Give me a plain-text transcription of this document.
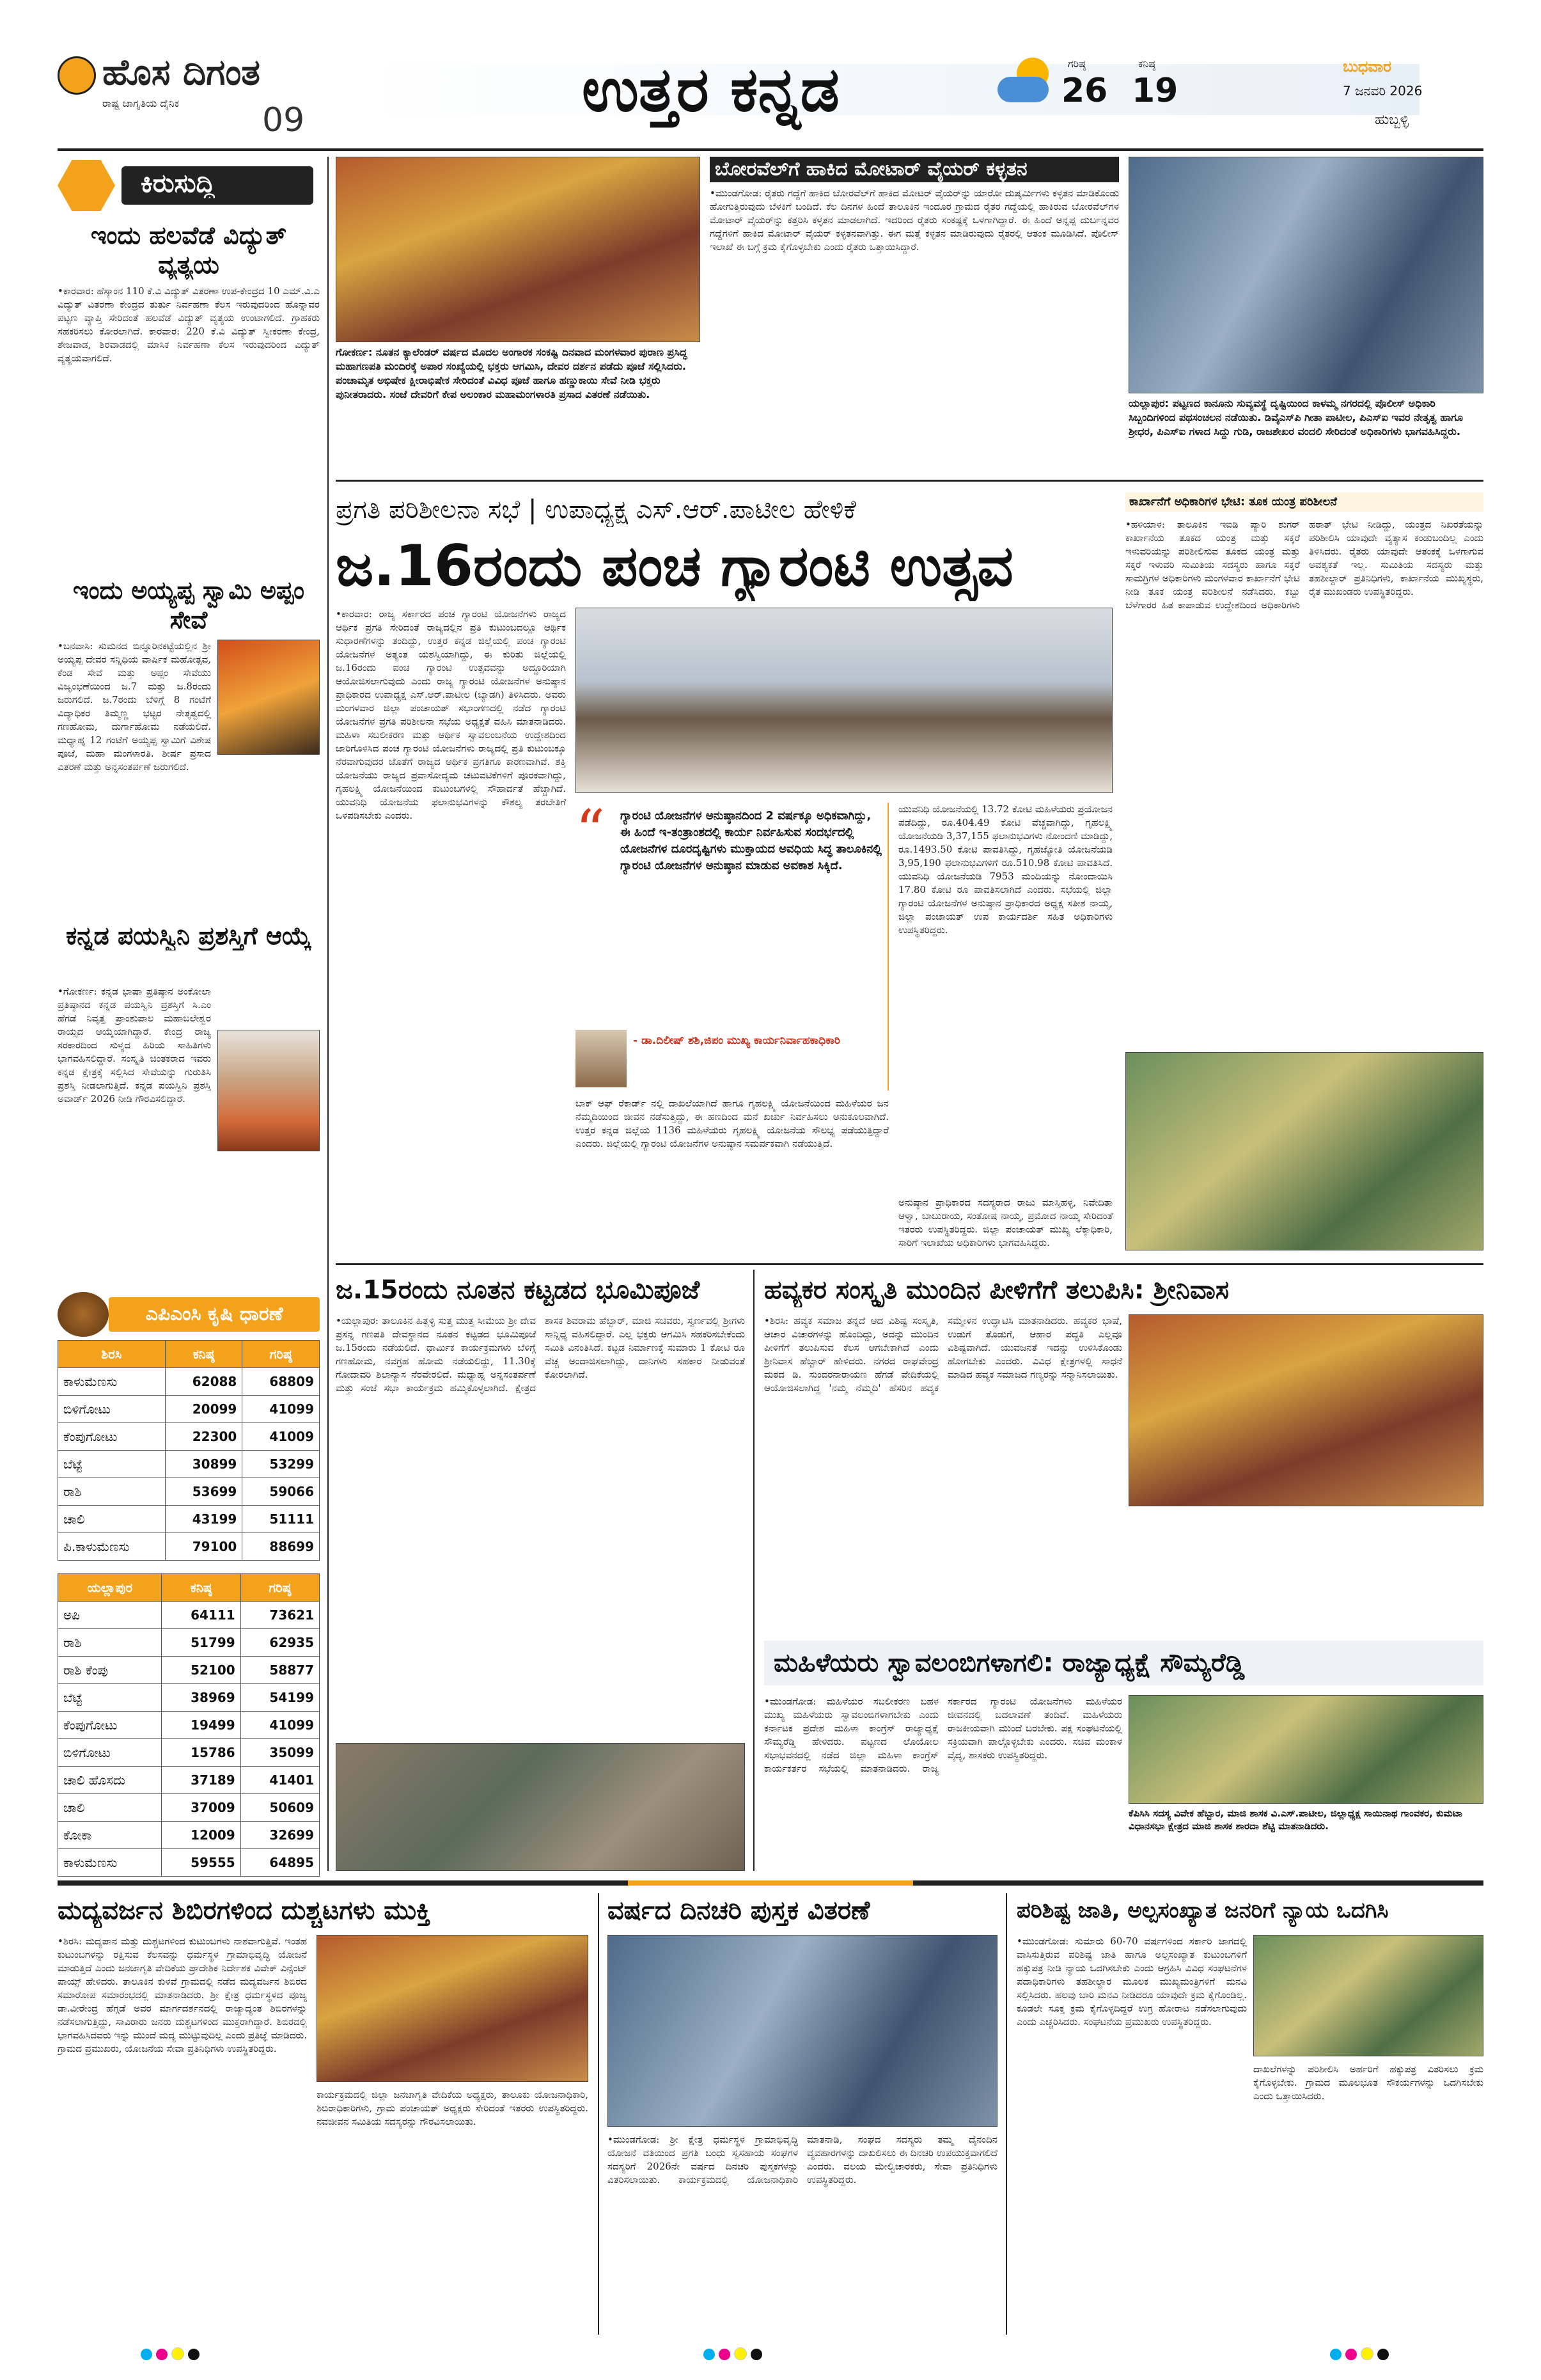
ಹೊಸ ದಿಗಂತ
ರಾಷ್ಟ್ರ ಜಾಗೃತಿಯ ದೈನಿಕ 09	ಉತ್ತರ ಕನ್ನಡ	ಗರಿಷ್ಠ
26
ಕನಿಷ್ಠ
19
ಬುಧವಾರ
7 ಜನವರಿ 2026
ಹುಬ್ಬಳ್ಳಿ
ಕಿರುಸುದ್ದಿ
ಇಂದು ಹಲವೆಡೆ ವಿದ್ಯುತ್ ವ್ಯತ್ಯಯ
•ಕಾರವಾರ: ಹೆಸ್ಕಾಂನ 110 ಕೆ.ವಿ ವಿದ್ಯುತ್ ವಿತರಣಾ ಉಪ-ಕೇಂದ್ರದ 10 ಎಮ್.ವಿ.ಎ ವಿದ್ಯುತ್ ವಿತರಣಾ ಕೇಂದ್ರದ ತುರ್ತು ನಿರ್ವಹಣಾ ಕೆಲಸ ಇರುವುದರಿಂದ ಹೊನ್ನಾವರ ಪಟ್ಟಣ ವ್ಯಾಪ್ತಿ ಸೇರಿದಂತೆ ಹಲವೆಡೆ ವಿದ್ಯುತ್ ವ್ಯತ್ಯಯ ಉಂಟಾಗಲಿದೆ. ಗ್ರಾಹಕರು ಸಹಕರಿಸಲು ಕೋರಲಾಗಿದೆ. ಕಾರವಾರ: 220 ಕೆ.ವಿ ವಿದ್ಯುತ್ ಸ್ವೀಕರಣಾ ಕೇಂದ್ರ, ಶೇಜವಾಡ, ಶಿರವಾಡದಲ್ಲಿ ಮಾಸಿಕ ನಿರ್ವಹಣಾ ಕೆಲಸ ಇರುವುದರಿಂದ ವಿದ್ಯುತ್ ವ್ಯತ್ಯಯವಾಗಲಿದೆ.
ಇಂದು ಅಯ್ಯಪ್ಪ ಸ್ವಾಮಿ ಅಪ್ಪಂ ಸೇವೆ
•ಬನವಾಸಿ: ಸುಮನದ ಬಿನ್ನೂರಿನಕಟ್ಟೆಯಲ್ಲಿನ ಶ್ರೀ ಅಯ್ಯಪ್ಪ ದೇವರ ಸನ್ನಿಧಿಯ ವಾರ್ಷಿಕ ಮಹೋತ್ಸವ, ಕೆಂಡ ಸೇವೆ ಮತ್ತು ಅಪ್ಪಂ ಸೇವೆಯು ವಿಜೃಂಭಣೆಯಿಂದ ಜ.7 ಮತ್ತು ಜ.8ರಂದು ಜರುಗಲಿದೆ. ಜ.7ರಂದು ಬೆಳಿಗ್ಗೆ 8 ಗಂಟೆಗೆ ವಿದ್ಯಾಧಿಕರ ತಿಮ್ಮಣ್ಣ ಭಟ್ಟರ ನೇತೃತ್ವದಲ್ಲಿ ಗಣಹೋಮ, ದುರ್ಗಾಹೋಮ ನಡೆಯಲಿದೆ. ಮಧ್ಯಾಹ್ನ 12 ಗಂಟೆಗೆ ಅಯ್ಯಪ್ಪ ಸ್ವಾಮಿಗೆ ವಿಶೇಷ ಪೂಜೆ, ಮಹಾ ಮಂಗಳಾರತಿ. ಶೀರ್ಷ ಪ್ರಸಾದ ವಿತರಣೆ ಮತ್ತು ಅನ್ನಸಂತರ್ಪಣೆ ಜರುಗಲಿದೆ.
ಕನ್ನಡ ಪಯಸ್ವಿನಿ ಪ್ರಶಸ್ತಿಗೆ ಆಯ್ಕೆ
•ಗೋಕರ್ಣ: ಕನ್ನಡ ಭಾಷಾ ಪ್ರತಿಷ್ಠಾನ ಅಂಕೋಲಾ ಪ್ರತಿಷ್ಠಾನದ ಕನ್ನಡ ಪಯಸ್ವಿನಿ ಪ್ರಶಸ್ತಿಗೆ ಸಿ.ಎಂ ಹೆಗಡೆ ನಿವೃತ್ತ ಪ್ರಾಂಶುಪಾಲ ಮಹಾಬಲೇಶ್ವರ ರಾಯ್ಸದ ಆಯ್ಕೆಯಾಗಿದ್ದಾರೆ. ಕೇಂದ್ರ ರಾಜ್ಯ ಸರಕಾರದಿಂದ ಸುಳ್ಯದ ಹಿರಿಯ ಸಾಹಿತಿಗಳು ಭಾಗವಹಿಸಲಿದ್ದಾರೆ. ಸಂಸ್ಕೃತಿ ಚಿಂತಕರಾದ ಇವರು ಕನ್ನಡ ಕ್ಷೇತ್ರಕ್ಕೆ ಸಲ್ಲಿಸಿದ ಸೇವೆಯನ್ನು ಗುರುತಿಸಿ ಪ್ರಶಸ್ತಿ ನೀಡಲಾಗುತ್ತಿದೆ. ಕನ್ನಡ ಪಯಸ್ವಿನಿ ಪ್ರಶಸ್ತಿ ಅವಾರ್ಡ್ 2026 ನೀಡಿ ಗೌರವಿಸಲಿದ್ದಾರೆ.
ಎಪಿಎಂಸಿ ಕೃಷಿ ಧಾರಣೆ
ಶಿರಸಿ	ಕನಿಷ್ಠ	ಗರಿಷ್ಠ
ಕಾಳುಮೆಣಸು	62088	68809
ಬಿಳಿಗೋಟು	20099	41099
ಕೆಂಪುಗೋಟು	22300	41009
ಬೆಟ್ಟೆ	30899	53299
ರಾಶಿ	53699	59066
ಚಾಲಿ	43199	51111
ಪಿ.ಕಾಳುಮೆಣಸು	79100	88699
ಯಲ್ಲಾಪುರ	ಕನಿಷ್ಠ	ಗರಿಷ್ಠ
ಅಪಿ	64111	73621
ರಾಶಿ	51799	62935
ರಾಶಿ ಕೆಂಪು	52100	58877
ಬೆಟ್ಟೆ	38969	54199
ಕೆಂಪುಗೋಟು	19499	41099
ಬಿಳಿಗೋಟು	15786	35099
ಚಾಲಿ ಹೊಸದು	37189	41401
ಚಾಲಿ	37009	50609
ಕೋಕಾ	12009	32699
ಕಾಳುಮೆಣಸು	59555	64895
ಗೋಕರ್ಣ: ನೂತನ ಕ್ಯಾಲೆಂಡರ್ ವರ್ಷದ ಮೊದಲ ಅಂಗಾರಕ ಸಂಕಷ್ಟಿ ದಿನವಾದ ಮಂಗಳವಾರ ಪುರಾಣ ಪ್ರಸಿದ್ಧ ಮಹಾಗಣಪತಿ ಮಂದಿರಕ್ಕೆ ಅಪಾರ ಸಂಖ್ಯೆಯಲ್ಲಿ ಭಕ್ತರು ಆಗಮಿಸಿ, ದೇವರ ದರ್ಶನ ಪಡೆದು ಪೂಜೆ ಸಲ್ಲಿಸಿದರು. ಪಂಚಾಮೃತ ಅಭಿಷೇಕ ಕ್ಷೀರಾಭಿಷೇಕ ಸೇರಿದಂತೆ ವಿವಿಧ ಪೂಜೆ ಹಾಗೂ ಹಣ್ಣುಕಾಯಿ ಸೇವೆ ನೀಡಿ ಭಕ್ತರು ಪುನೀತರಾದರು. ಸಂಜೆ ದೇವರಿಗೆ ಕೇಪ ಅಲಂಕಾರ ಮಹಾಮಂಗಳಾರತಿ ಪ್ರಸಾದ ವಿತರಣೆ ನಡೆಯಿತು.
ಬೋರವೆಲ್‌ಗೆ ಹಾಕಿದ ಮೋಟಾರ್ ವೈಯರ್ ಕಳ್ಳತನ
•ಮುಂಡಗೋಡ: ರೈತರು ಗದ್ದೆಗೆ ಹಾಕಿದ ಬೋರವೆಲ್‌ಗೆ ಹಾಕಿದ ಮೋಟರ್ ವೈಯರ್‌ನ್ನು ಯಾರೋ ದುಷ್ಕರ್ಮಿಗಳು ಕಳ್ಳತನ ಮಾಡಿಕೊಂಡು ಹೋಗುತ್ತಿರುವುದು ಬೆಳಕಿಗೆ ಬಂದಿದೆ. ಕೆಲ ದಿನಗಳ ಹಿಂದೆ ತಾಲೂಕಿನ ಇಂದೂರ ಗ್ರಾಮದ ರೈತರ ಗದ್ದೆಯಲ್ಲಿ ಹಾಕಿರುವ ಬೋರವೆಲ್‌ಗಳ ಮೋಟಾರ್ ವೈಯರ್‌ನ್ನು ಕತ್ತರಿಸಿ ಕಳ್ಳತನ ಮಾಡಲಾಗಿದೆ. ಇದರಿಂದ ರೈತರು ಸಂಕಷ್ಟಕ್ಕೆ ಒಳಗಾಗಿದ್ದಾರೆ. ಈ ಹಿಂದೆ ಅನ್ನಪ್ಪ ದುರ್ಬನ್ನವರ ಗದ್ದೆಗಳಿಗೆ ಹಾಕಿದ ಮೋಟಾರ್ ವೈಯರ್ ಕಳ್ಳತನವಾಗಿತ್ತು. ಈಗ ಮತ್ತೆ ಕಳ್ಳತನ ಮಾಡಿರುವುದು ರೈತರಲ್ಲಿ ಆತಂಕ ಮೂಡಿಸಿದೆ. ಪೊಲೀಸ್ ಇಲಾಖೆ ಈ ಬಗ್ಗೆ ಕ್ರಮ ಕೈಗೊಳ್ಳಬೇಕು ಎಂದು ರೈತರು ಒತ್ತಾಯಿಸಿದ್ದಾರೆ.
ಯಲ್ಲಾಪುರ: ಪಟ್ಟಣದ ಕಾನೂನು ಸುವ್ಯವಸ್ಥೆ ದೃಷ್ಟಿಯಿಂದ ಕಾಳಮ್ಮ ನಗರದಲ್ಲಿ ಪೊಲೀಸ್ ಅಧಿಕಾರಿ ಸಿಬ್ಬಂದಿಗಳಿಂದ ಪಥಸಂಚಲನ ನಡೆಯಿತು. ಡಿವೈಎಸ್‌ಪಿ ಗೀತಾ ಪಾಟೀಲ, ಪಿಎಸ್‌ಐ ಇವರ ನೇತೃತ್ವ ಹಾಗೂ ಶ್ರೀಧರ, ಪಿಎಸ್‌ಐ ಗಳಾದ ಸಿದ್ದು ಗುಡಿ, ರಾಜಶೇಖರ ವಂದಲಿ ಸೇರಿದಂತೆ ಅಧಿಕಾರಿಗಳು ಭಾಗವಹಿಸಿದ್ದರು.
ಪ್ರಗತಿ ಪರಿಶೀಲನಾ ಸಭೆ | ಉಪಾಧ್ಯಕ್ಷ ಎಸ್.ಆರ್.ಪಾಟೀಲ ಹೇಳಿಕೆ
ಜ.16ರಂದು ಪಂಚ ಗ್ಯಾರಂಟಿ ಉತ್ಸವ
•ಕಾರವಾರ: ರಾಜ್ಯ ಸರ್ಕಾರದ ಪಂಚ ಗ್ಯಾರಂಟಿ ಯೋಜನೆಗಳು ರಾಜ್ಯದ ಆರ್ಥಿಕ ಪ್ರಗತಿ ಸೇರಿದಂತೆ ರಾಜ್ಯದಲ್ಲಿನ ಪ್ರತಿ ಕುಟುಂಬದಲ್ಲೂ ಆರ್ಥಿಕ ಸುಧಾರಣೆಗಳನ್ನು ತಂದಿದ್ದು, ಉತ್ತರ ಕನ್ನಡ ಜಿಲ್ಲೆಯಲ್ಲಿ ಪಂಚ ಗ್ಯಾರಂಟಿ ಯೋಜನೆಗಳ ಅತ್ಯಂತ ಯಶಸ್ವಿಯಾಗಿದ್ದು, ಈ ಕುರಿತು ಜಿಲ್ಲೆಯಲ್ಲಿ ಜ.16ರಂದು ಪಂಚ ಗ್ಯಾರಂಟಿ ಉತ್ಸವವನ್ನು ಅದ್ಧೂರಿಯಾಗಿ ಆಯೋಜಿಸಲಾಗುವುದು ಎಂದು ರಾಜ್ಯ ಗ್ಯಾರಂಟಿ ಯೋಜನೆಗಳ ಅನುಷ್ಠಾನ ಪ್ರಾಧಿಕಾರದ ಉಪಾಧ್ಯಕ್ಷ ಎಸ್.ಆರ್.ಪಾಟೀಲ (ಬ್ಯಾಡಗಿ) ತಿಳಿಸಿದರು. ಅವರು ಮಂಗಳವಾರ ಜಿಲ್ಲಾ ಪಂಚಾಯತ್ ಸಭಾಂಗಣದಲ್ಲಿ ನಡೆದ ಗ್ಯಾರಂಟಿ ಯೋಜನೆಗಳ ಪ್ರಗತಿ ಪರಿಶೀಲನಾ ಸಭೆಯ ಅಧ್ಯಕ್ಷತೆ ವಹಿಸಿ ಮಾತನಾಡಿದರು. ಮಹಿಳಾ ಸಬಲೀಕರಣ ಮತ್ತು ಆರ್ಥಿಕ ಸ್ವಾವಲಂಬನೆಯ ಉದ್ದೇಶದಿಂದ ಜಾರಿಗೊಳಿಸಿದ ಪಂಚ ಗ್ಯಾರಂಟಿ ಯೋಜನೆಗಳು ರಾಜ್ಯದಲ್ಲಿ ಪ್ರತಿ ಕುಟುಂಬಕ್ಕೂ ನೆರವಾಗುವುದರ ಜೊತೆಗೆ ರಾಜ್ಯದ ಆರ್ಥಿಕ ಪ್ರಗತಿಗೂ ಕಾರಣವಾಗಿವೆ. ಶಕ್ತಿ ಯೋಜನೆಯು ರಾಜ್ಯದ ಪ್ರವಾಸೋದ್ಯಮ ಚಟುವಟಿಕೆಗಳಿಗೆ ಪೂರಕವಾಗಿದ್ದು, ಗೃಹಲಕ್ಷ್ಮಿ ಯೋಜನೆಯಿಂದ ಕುಟುಂಬಗಳಲ್ಲಿ ಸೌಹಾರ್ದತೆ ಹೆಚ್ಚಾಗಿದೆ. ಯುವನಿಧಿ ಯೋಜನೆಯ ಫಲಾನುಭವಿಗಳನ್ನು ಕೌಶಲ್ಯ ತರಬೇತಿಗೆ ಒಳಪಡಿಸಬೇಕು ಎಂದರು.	“	ಗ್ಯಾರಂಟಿ ಯೋಜನೆಗಳ ಅನುಷ್ಠಾನದಿಂದ 2 ವರ್ಷಕ್ಕೂ ಅಧಿಕವಾಗಿದ್ದು, ಈ ಹಿಂದೆ ಇ-ತಂತ್ರಾಂಶದಲ್ಲಿ ಕಾರ್ಯ ನಿರ್ವಹಿಸುವ ಸಂದರ್ಭದಲ್ಲಿ ಯೋಜನೆಗಳ ದೂರದೃಷ್ಟಿಗಳು ಮುಕ್ತಾಯದ ಅವಧಿಯ ಸಿದ್ಧ ತಾಲೂಕಿನಲ್ಲಿ ಗ್ಯಾರಂಟಿ ಯೋಜನೆಗಳ ಅನುಷ್ಠಾನ ಮಾಡುವ ಅವಕಾಶ ಸಿಕ್ಕಿದೆ.
- ಡಾ.ದಿಲೀಷ್ ಶಶಿ,ಜಿಪಂ ಮುಖ್ಯ ಕಾರ್ಯನಿರ್ವಾಹಕಾಧಿಕಾರಿ
ಯುವನಿಧಿ ಯೋಜನೆಯಲ್ಲಿ 13.72 ಕೋಟಿ ಮಹಿಳೆಯರು ಪ್ರಯೋಜನ ಪಡೆದಿದ್ದು, ರೂ.404.49 ಕೋಟಿ ವೆಚ್ಚವಾಗಿದ್ದು, ಗೃಹಲಕ್ಷ್ಮಿ ಯೋಜನೆಯಡಿ 3,37,155 ಫಲಾನುಭವಿಗಳು ನೋಂದಣಿ ಮಾಡಿದ್ದು, ರೂ.1493.50 ಕೋಟಿ ಪಾವತಿಸಿದ್ದು, ಗೃಹಜ್ಯೋತಿ ಯೋಜನೆಯಡಿ 3,95,190 ಫಲಾನುಭವಿಗಳಿಗೆ ರೂ.510.98 ಕೋಟಿ ಪಾವತಿಸಿದೆ. ಯುವನಿಧಿ ಯೋಜನೆಯಡಿ 7953 ಮಂದಿಯನ್ನು ನೋಂದಾಯಿಸಿ 17.80 ಕೋಟಿ ರೂ ಪಾವತಿಸಲಾಗಿದೆ ಎಂದರು. ಸಭೆಯಲ್ಲಿ ಜಿಲ್ಲಾ ಗ್ಯಾರಂಟಿ ಯೋಜನೆಗಳ ಅನುಷ್ಠಾನ ಪ್ರಾಧಿಕಾರದ ಅಧ್ಯಕ್ಷ ಸತೀಶ ನಾಯ್ಕ, ಜಿಲ್ಲಾ ಪಂಚಾಯತ್ ಉಪ ಕಾರ್ಯದರ್ಶಿ ಸಹಿತ ಅಧಿಕಾರಿಗಳು ಉಪಸ್ಥಿತರಿದ್ದರು.
ಬಾಕ್ ಆಫ್ ರೆಕಾರ್ಡ್ ನಲ್ಲಿ ದಾಖಲೆಯಾಗಿದೆ ಹಾಗೂ ಗೃಹಲಕ್ಷ್ಮಿ ಯೋಜನೆಯಿಂದ ಮಹಿಳೆಯರ ಜನ ನೆಮ್ಮದಿಯಿಂದ ಜೀವನ ನಡೆಸುತ್ತಿದ್ದು, ಈ ಹಣದಿಂದ ಮನೆ ಖರ್ಚು ನಿರ್ವಹಿಸಲು ಅನುಕೂಲವಾಗಿದೆ. ಉತ್ತರ ಕನ್ನಡ ಜಿಲ್ಲೆಯ 1136 ಮಹಿಳೆಯರು ಗೃಹಲಕ್ಷ್ಮಿ ಯೋಜನೆಯ ಸೌಲಭ್ಯ ಪಡೆಯುತ್ತಿದ್ದಾರೆ ಎಂದರು. ಜಿಲ್ಲೆಯಲ್ಲಿ ಗ್ಯಾರಂಟಿ ಯೋಜನೆಗಳ ಅನುಷ್ಠಾನ ಸಮರ್ಪಕವಾಗಿ ನಡೆಯುತ್ತಿದೆ.
ಅನುಷ್ಠಾನ ಪ್ರಾಧಿಕಾರದ ಸದಸ್ಯರಾದ ರಾಜು ಮಾಸ್ತಿಹಳ್ಳ, ನಿವೇದಿತಾ ಆಳ್ವಾ, ಬಾಬುರಾಯ, ಸಂತೋಷ ನಾಯ್ಕ, ಪ್ರಮೋದ ನಾಯ್ಕ ಸೇರಿದಂತೆ ಇತರರು ಉಪಸ್ಥಿತರಿದ್ದರು. ಜಿಲ್ಲಾ ಪಂಚಾಯತ್ ಮುಖ್ಯ ಲೆಕ್ಕಾಧಿಕಾರಿ, ಸಾರಿಗೆ ಇಲಾಖೆಯ ಅಧಿಕಾರಿಗಳು ಭಾಗವಹಿಸಿದ್ದರು.
ಕಾರ್ಖಾನೆಗೆ ಅಧಿಕಾರಿಗಳ ಭೇಟಿ: ತೂಕ ಯಂತ್ರ ಪರಿಶೀಲನೆ
•ಹಳಿಯಾಳ: ತಾಲೂಕಿನ ಇಐಡಿ ಪ್ಯಾರಿ ಶುಗರ್ ಕಾರ್ಖಾನೆಯ ತೂಕದ ಯಂತ್ರ ಮತ್ತು ಸಕ್ಕರೆ ಇಳುವರಿಯನ್ನು ಪರಿಶೀಲಿಸುವ ತೂಕದ ಯಂತ್ರ ಮತ್ತು ಸಕ್ಕರೆ ಇಳುವರಿ ಸುಮಿತಿಯ ಸದಸ್ಯರು ಹಾಗೂ ಸಕ್ಕರೆ ಸಾಮಗ್ರಿಗಳ ಅಧಿಕಾರಿಗಳು ಮಂಗಳವಾರ ಕಾರ್ಖಾನೆಗೆ ಭೇಟಿ ನೀಡಿ ತೂಕ ಯಂತ್ರ ಪರಿಶೀಲನೆ ನಡೆಸಿದರು. ಕಬ್ಬು ಬೆಳೆಗಾರರ ಹಿತ ಕಾಪಾಡುವ ಉದ್ದೇಶದಿಂದ ಅಧಿಕಾರಿಗಳು ಹಠಾತ್ ಭೇಟಿ ನೀಡಿದ್ದು, ಯಂತ್ರದ ನಿಖರತೆಯನ್ನು ಪರಿಶೀಲಿಸಿ ಯಾವುದೇ ವ್ಯತ್ಯಾಸ ಕಂಡುಬಂದಿಲ್ಲ ಎಂದು ತಿಳಿಸಿದರು. ರೈತರು ಯಾವುದೇ ಆತಂಕಕ್ಕೆ ಒಳಗಾಗುವ ಅವಶ್ಯಕತೆ ಇಲ್ಲ. ಸುಮಿತಿಯ ಸದಸ್ಯರು ಮತ್ತು ತಹಶೀಲ್ದಾರ್ ಪ್ರತಿನಿಧಿಗಳು, ಕಾರ್ಖಾನೆಯ ಮುಖ್ಯಸ್ಥರು, ರೈತ ಮುಖಂಡರು ಉಪಸ್ಥಿತರಿದ್ದರು.
ಜ.15ರಂದು ನೂತನ ಕಟ್ಟಡದ ಭೂಮಿಪೂಜೆ
•ಯಲ್ಲಾಪುರ: ತಾಲೂಕಿನ ಹಿತ್ಲಳ್ಳಿ ಸುತ್ತ ಮುತ್ತ ಸೀಮೆಯ ಶ್ರೀ ದೇವ ಪ್ರಸನ್ನ ಗಣಪತಿ ದೇವಸ್ಥಾನದ ನೂತನ ಕಟ್ಟಡದ ಭೂಮಿಪೂಜೆ ಜ.15ರಂದು ನಡೆಯಲಿದೆ. ಧಾರ್ಮಿಕ ಕಾರ್ಯಕ್ರಮಗಳು ಬೆಳಿಗ್ಗೆ ಗಣಹೋಮ, ನವಗ್ರಹ ಹೋಮ ನಡೆಯಲಿದ್ದು, 11.30ಕ್ಕೆ ಗೋದಾವರಿ ಶಿಲಾನ್ಯಾಸ ನೆರವೇರಲಿದೆ. ಮಧ್ಯಾಹ್ನ ಅನ್ನಸಂತರ್ಪಣೆ ಮತ್ತು ಸಂಜೆ ಸಭಾ ಕಾರ್ಯಕ್ರಮ ಹಮ್ಮಿಕೊಳ್ಳಲಾಗಿದೆ. ಕ್ಷೇತ್ರದ ಶಾಸಕ ಶಿವರಾಮ ಹೆಬ್ಬಾರ್, ಮಾಜಿ ಸಚಿವರು, ಸ್ವರ್ಣವಲ್ಲಿ ಶ್ರೀಗಳು ಸಾನ್ನಿಧ್ಯ ವಹಿಸಲಿದ್ದಾರೆ. ಎಲ್ಲ ಭಕ್ತರು ಆಗಮಿಸಿ ಸಹಕರಿಸಬೇಕೆಂದು ಸಮಿತಿ ವಿನಂತಿಸಿದೆ. ಕಟ್ಟಡ ನಿರ್ಮಾಣಕ್ಕೆ ಸುಮಾರು 1 ಕೋಟಿ ರೂ ವೆಚ್ಚ ಅಂದಾಜಿಸಲಾಗಿದ್ದು, ದಾನಿಗಳು ಸಹಕಾರ ನೀಡುವಂತೆ ಕೋರಲಾಗಿದೆ.
ಹವ್ಯಕರ ಸಂಸ್ಕೃತಿ ಮುಂದಿನ ಪೀಳಿಗೆಗೆ ತಲುಪಿಸಿ: ಶ್ರೀನಿವಾಸ
•ಶಿರಸಿ: ಹವ್ಯಕ ಸಮಾಜ ತನ್ನದೆ ಆದ ವಿಶಿಷ್ಟ ಸಂಸ್ಕೃತಿ, ಆಚಾರ ವಿಚಾರಗಳನ್ನು ಹೊಂದಿದ್ದು, ಅದನ್ನು ಮುಂದಿನ ಪೀಳಿಗೆಗೆ ತಲುಪಿಸುವ ಕೆಲಸ ಆಗಬೇಕಾಗಿದೆ ಎಂದು ಶ್ರೀನಿವಾಸ ಹೆಬ್ಬಾರ್ ಹೇಳಿದರು. ನಗರದ ರಾಘವೇಂದ್ರ ಮಠದ ಡಿ. ಸುಂದರನಾರಾಯಣ ಹೆಗಡೆ ವೇದಿಕೆಯಲ್ಲಿ ಆಯೋಜಿಸಲಾಗಿದ್ದ 'ನಮ್ಮ ನೆಮ್ಮದಿ' ಹೆಸರಿನ ಹವ್ಯಕ ಸಮ್ಮೇಳನ ಉದ್ಘಾಟಿಸಿ ಮಾತನಾಡಿದರು. ಹವ್ಯಕರ ಭಾಷೆ, ಉಡುಗೆ ತೊಡುಗೆ, ಆಹಾರ ಪದ್ಧತಿ ಎಲ್ಲವೂ ವಿಶಿಷ್ಟವಾಗಿದೆ. ಯುವಜನತೆ ಇದನ್ನು ಉಳಿಸಿಕೊಂಡು ಹೋಗಬೇಕು ಎಂದರು. ವಿವಿಧ ಕ್ಷೇತ್ರಗಳಲ್ಲಿ ಸಾಧನೆ ಮಾಡಿದ ಹವ್ಯಕ ಸಮಾಜದ ಗಣ್ಯರನ್ನು ಸನ್ಮಾನಿಸಲಾಯಿತು.
ಮಹಿಳೆಯರು ಸ್ವಾವಲಂಬಿಗಳಾಗಲಿ: ರಾಜ್ಯಾಧ್ಯಕ್ಷೆ ಸೌಮ್ಯರೆಡ್ಡಿ
•ಮುಂಡಗೋಡ: ಮಹಿಳೆಯರ ಸಬಲೀಕರಣ ಬಹಳ ಮುಖ್ಯ ಮಹಿಳೆಯರು ಸ್ವಾವಲಂಬಿಗಳಾಗಬೇಕು ಎಂದು ಕರ್ನಾಟಕ ಪ್ರದೇಶ ಮಹಿಳಾ ಕಾಂಗ್ರೆಸ್ ರಾಜ್ಯಾಧ್ಯಕ್ಷೆ ಸೌಮ್ಯರೆಡ್ಡಿ ಹೇಳಿದರು. ಪಟ್ಟಣದ ಲೊಯೋಲ ಸಭಾಭವನದಲ್ಲಿ ನಡೆದ ಜಿಲ್ಲಾ ಮಹಿಳಾ ಕಾಂಗ್ರೆಸ್ ಕಾರ್ಯಕರ್ತರ ಸಭೆಯಲ್ಲಿ ಮಾತನಾಡಿದರು. ರಾಜ್ಯ ಸರ್ಕಾರದ ಗ್ಯಾರಂಟಿ ಯೋಜನೆಗಳು ಮಹಿಳೆಯರ ಜೀವನದಲ್ಲಿ ಬದಲಾವಣೆ ತಂದಿವೆ. ಮಹಿಳೆಯರು ರಾಜಕೀಯವಾಗಿ ಮುಂದೆ ಬರಬೇಕು. ಪಕ್ಷ ಸಂಘಟನೆಯಲ್ಲಿ ಸಕ್ರಿಯವಾಗಿ ಪಾಲ್ಗೊಳ್ಳಬೇಕು ಎಂದರು. ಸಚಿವ ಮಂಕಾಳ ವೈದ್ಯ, ಶಾಸಕರು ಉಪಸ್ಥಿತರಿದ್ದರು.
ಕೆಪಿಸಿಸಿ ಸದಸ್ಯ ವಿವೇಕ ಹೆಬ್ಬಾರ, ಮಾಜಿ ಶಾಸಕ ವಿ.ಎಸ್.ಪಾಟೀಲ, ಜಿಲ್ಲಾಧ್ಯಕ್ಷ ಸಾಯಿನಾಥ ಗಾಂವಕರ, ಕುಮಟಾ ವಿಧಾನಸಭಾ ಕ್ಷೇತ್ರದ ಮಾಜಿ ಶಾಸಕ ಶಾರದಾ ಶೆಟ್ಟಿ ಮಾತನಾಡಿದರು.
ಮದ್ಯವರ್ಜನ ಶಿಬಿರಗಳಿಂದ ದುಶ್ಚಟಗಳು ಮುಕ್ತಿ
•ಶಿರಸಿ: ಮದ್ಯಪಾನ ಮತ್ತು ದುಶ್ಚಟಗಳಿಂದ ಕುಟುಂಬಗಳು ನಾಶವಾಗುತ್ತಿವೆ. ಇಂತಹ ಕುಟುಂಬಗಳನ್ನು ರಕ್ಷಿಸುವ ಕೆಲಸವನ್ನು ಧರ್ಮಸ್ಥಳ ಗ್ರಾಮಾಭಿವೃದ್ಧಿ ಯೋಜನೆ ಮಾಡುತ್ತಿದೆ ಎಂದು ಜನಜಾಗೃತಿ ವೇದಿಕೆಯ ಪ್ರಾದೇಶಿಕ ನಿರ್ದೇಶಕ ವಿವೇಕ್ ವಿನ್ಸೆಂಟ್ ಪಾಯ್ಸ್ ಹೇಳಿದರು. ತಾಲೂಕಿನ ಕುಳವೆ ಗ್ರಾಮದಲ್ಲಿ ನಡೆದ ಮದ್ಯವರ್ಜನ ಶಿಬಿರದ ಸಮಾರೋಪ ಸಮಾರಂಭದಲ್ಲಿ ಮಾತನಾಡಿದರು. ಶ್ರೀ ಕ್ಷೇತ್ರ ಧರ್ಮಸ್ಥಳದ ಪೂಜ್ಯ ಡಾ.ವೀರೇಂದ್ರ ಹೆಗ್ಗಡೆ ಅವರ ಮಾರ್ಗದರ್ಶನದಲ್ಲಿ ರಾಜ್ಯಾದ್ಯಂತ ಶಿಬಿರಗಳನ್ನು ನಡೆಸಲಾಗುತ್ತಿದ್ದು, ಸಾವಿರಾರು ಜನರು ದುಶ್ಚಟಗಳಿಂದ ಮುಕ್ತರಾಗಿದ್ದಾರೆ. ಶಿಬಿರದಲ್ಲಿ ಭಾಗವಹಿಸಿದವರು ಇನ್ನು ಮುಂದೆ ಮದ್ಯ ಮುಟ್ಟುವುದಿಲ್ಲ ಎಂದು ಪ್ರತಿಜ್ಞೆ ಮಾಡಿದರು. ಗ್ರಾಮದ ಪ್ರಮುಖರು, ಯೋಜನೆಯ ಸೇವಾ ಪ್ರತಿನಿಧಿಗಳು ಉಪಸ್ಥಿತರಿದ್ದರು.
ಕಾರ್ಯಕ್ರಮದಲ್ಲಿ ಜಿಲ್ಲಾ ಜನಜಾಗೃತಿ ವೇದಿಕೆಯ ಅಧ್ಯಕ್ಷರು, ತಾಲೂಕು ಯೋಜನಾಧಿಕಾರಿ, ಶಿಬಿರಾಧಿಕಾರಿಗಳು, ಗ್ರಾಮ ಪಂಚಾಯತ್ ಅಧ್ಯಕ್ಷರು ಸೇರಿದಂತೆ ಇತರರು ಉಪಸ್ಥಿತರಿದ್ದರು. ನವಜೀವನ ಸಮಿತಿಯ ಸದಸ್ಯರನ್ನು ಗೌರವಿಸಲಾಯಿತು.
ವರ್ಷದ ದಿನಚರಿ ಪುಸ್ತಕ ವಿತರಣೆ
•ಮುಂಡಗೋಡ: ಶ್ರೀ ಕ್ಷೇತ್ರ ಧರ್ಮಸ್ಥಳ ಗ್ರಾಮಾಭಿವೃದ್ಧಿ ಯೋಜನೆ ವತಿಯಿಂದ ಪ್ರಗತಿ ಬಂಧು ಸ್ವಸಹಾಯ ಸಂಘಗಳ ಸದಸ್ಯರಿಗೆ 2026ನೇ ವರ್ಷದ ದಿನಚರಿ ಪುಸ್ತಕಗಳನ್ನು ವಿತರಿಸಲಾಯಿತು. ಕಾರ್ಯಕ್ರಮದಲ್ಲಿ ಯೋಜನಾಧಿಕಾರಿ ಮಾತನಾಡಿ, ಸಂಘದ ಸದಸ್ಯರು ತಮ್ಮ ದೈನಂದಿನ ವ್ಯವಹಾರಗಳನ್ನು ದಾಖಲಿಸಲು ಈ ದಿನಚರಿ ಉಪಯುಕ್ತವಾಗಲಿದೆ ಎಂದರು. ವಲಯ ಮೇಲ್ವಿಚಾರಕರು, ಸೇವಾ ಪ್ರತಿನಿಧಿಗಳು ಉಪಸ್ಥಿತರಿದ್ದರು.
ಪರಿಶಿಷ್ಟ ಜಾತಿ, ಅಲ್ಪಸಂಖ್ಯಾತ ಜನರಿಗೆ ನ್ಯಾಯ ಒದಗಿಸಿ
•ಮುಂಡಗೋಡ: ಸುಮಾರು 60-70 ವರ್ಷಗಳಿಂದ ಸರ್ಕಾರಿ ಜಾಗದಲ್ಲಿ ವಾಸಿಸುತ್ತಿರುವ ಪರಿಶಿಷ್ಟ ಜಾತಿ ಹಾಗೂ ಅಲ್ಪಸಂಖ್ಯಾತ ಕುಟುಂಬಗಳಿಗೆ ಹಕ್ಕುಪತ್ರ ನೀಡಿ ನ್ಯಾಯ ಒದಗಿಸಬೇಕು ಎಂದು ಆಗ್ರಹಿಸಿ ವಿವಿಧ ಸಂಘಟನೆಗಳ ಪದಾಧಿಕಾರಿಗಳು ತಹಶೀಲ್ದಾರ ಮೂಲಕ ಮುಖ್ಯಮಂತ್ರಿಗಳಿಗೆ ಮನವಿ ಸಲ್ಲಿಸಿದರು. ಹಲವು ಬಾರಿ ಮನವಿ ನೀಡಿದರೂ ಯಾವುದೇ ಕ್ರಮ ಕೈಗೊಂಡಿಲ್ಲ. ಕೂಡಲೇ ಸೂಕ್ತ ಕ್ರಮ ಕೈಗೊಳ್ಳದಿದ್ದರೆ ಉಗ್ರ ಹೋರಾಟ ನಡೆಸಲಾಗುವುದು ಎಂದು ಎಚ್ಚರಿಸಿದರು. ಸಂಘಟನೆಯ ಪ್ರಮುಖರು ಉಪಸ್ಥಿತರಿದ್ದರು.
ದಾಖಲೆಗಳನ್ನು ಪರಿಶೀಲಿಸಿ ಅರ್ಹರಿಗೆ ಹಕ್ಕುಪತ್ರ ವಿತರಿಸಲು ಕ್ರಮ ಕೈಗೊಳ್ಳಬೇಕು. ಗ್ರಾಮದ ಮೂಲಭೂತ ಸೌಕರ್ಯಗಳನ್ನು ಒದಗಿಸಬೇಕು ಎಂದು ಒತ್ತಾಯಿಸಿದರು.
